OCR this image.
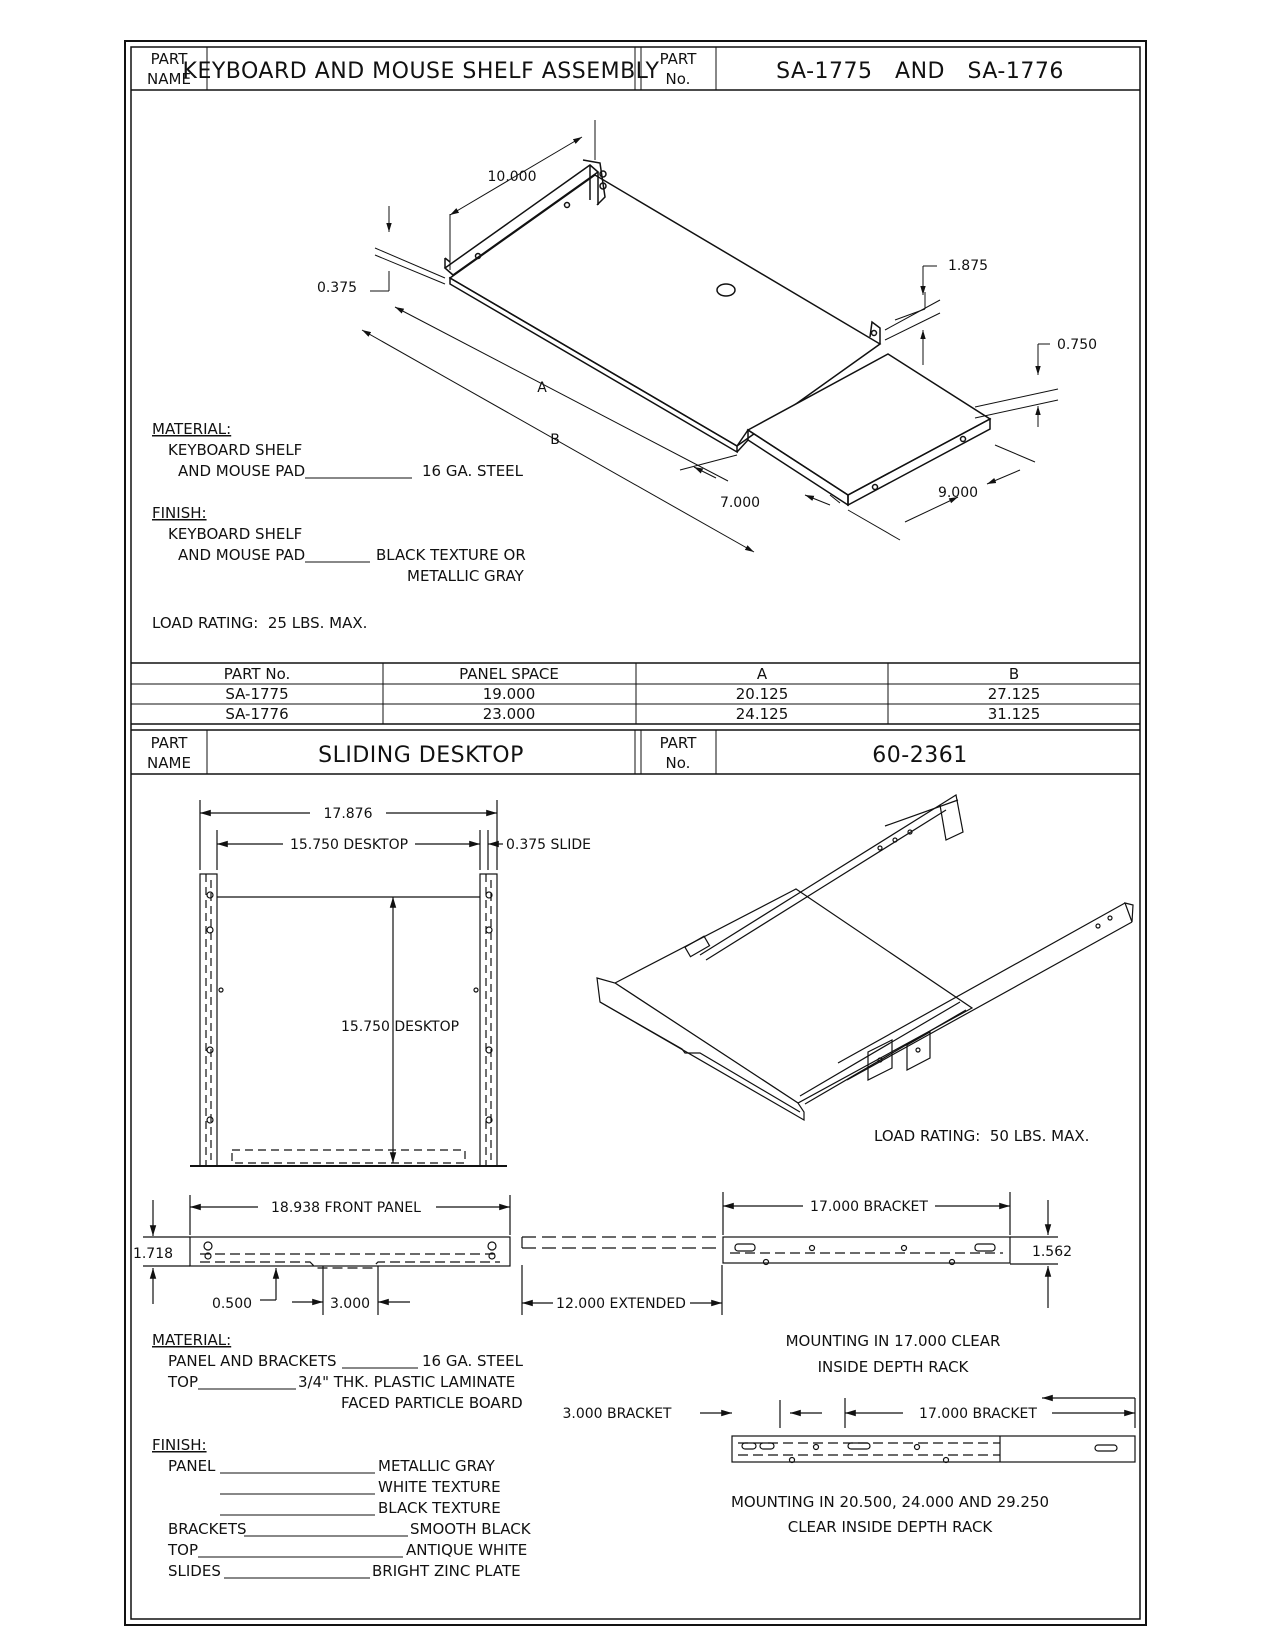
PART
NAME
KEYBOARD AND MOUSE SHELF ASSEMBLY PART
No.	SA-1775   AND   SA-1776
10.000
0.375
1.875
0.750
A
B
7.000
9.000
MATERIAL:
KEYBOARD SHELF
AND MOUSE PAD	16 GA. STEEL
FINISH:
KEYBOARD SHELF
AND MOUSE PAD	BLACK TEXTURE OR
METALLIC GRAY
LOAD RATING:  25 LBS. MAX.
PART No.	PANEL SPACE	A	B
SA-1775	19.000	20.125	27.125
SA-1776	23.000	24.125	31.125
PART
NAME	SLIDING DESKTOP	PART
No.	60-2361
17.876
15.750 DESKTOP	0.375 SLIDE
15.750 DESKTOP
LOAD RATING:  50 LBS. MAX.
18.938 FRONT PANEL
1.718
0.500	3.000	12.000 EXTENDED
17.000 BRACKET
1.562
MOUNTING IN 17.000 CLEAR
INSIDE DEPTH RACK
3.000 BRACKET	17.000 BRACKET
MOUNTING IN 20.500, 24.000 AND 29.250
CLEAR INSIDE DEPTH RACK
MATERIAL:
PANEL AND BRACKETS	16 GA. STEEL
TOP	3/4" THK. PLASTIC LAMINATE
FACED PARTICLE BOARD
FINISH:
PANEL	METALLIC GRAY
WHITE TEXTURE
BLACK TEXTURE
BRACKETS	SMOOTH BLACK
TOP	ANTIQUE WHITE
SLIDES	BRIGHT ZINC PLATE
